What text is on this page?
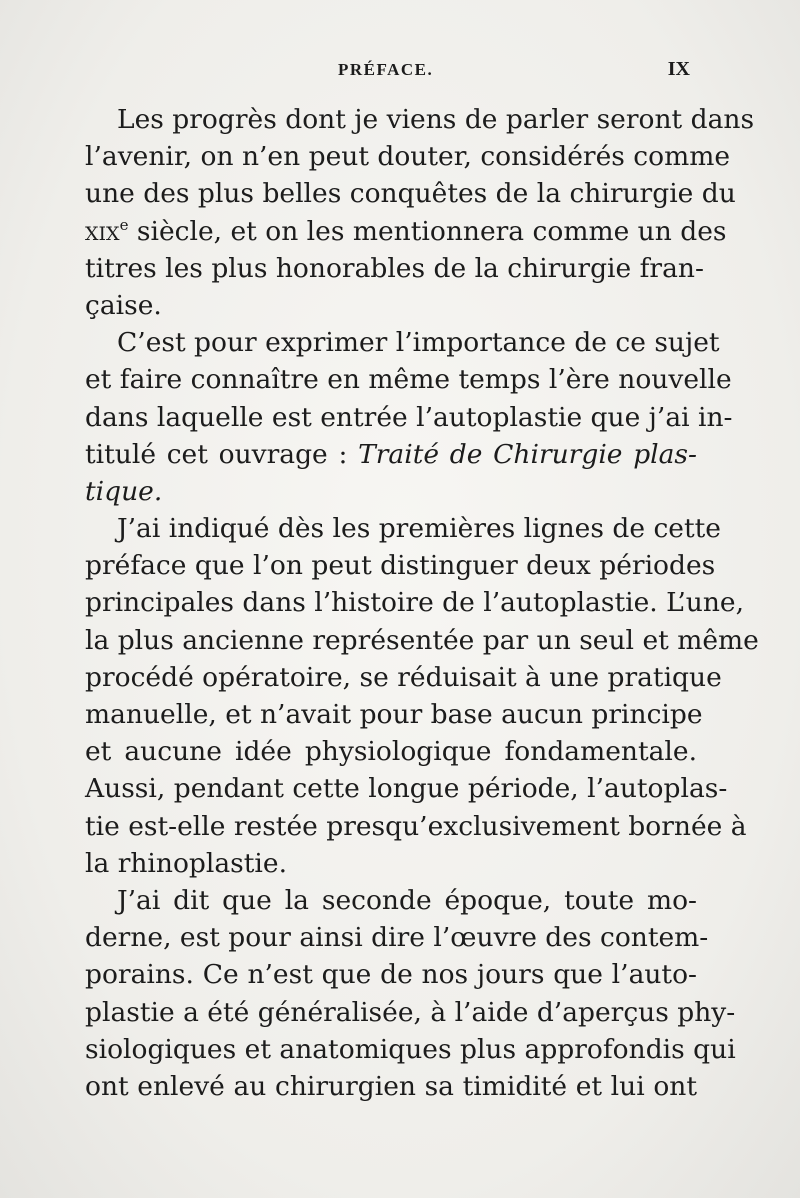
PRÉFACE.	IX
Les progrès dont je viens de parler seront dans
l’avenir, on n’en peut douter, considérés comme
une des plus belles conquêtes de la chirurgie du
xix$^e$ siècle, et on les mentionnera comme un des
titres les plus honorables de la chirurgie fran-
çaise.
C’est pour exprimer l’importance de ce sujet
et faire connaître en même temps l’ère nouvelle
dans laquelle est entrée l’autoplastie que j’ai in-
titulé cet ouvrage : Traité de Chirurgie plas-
tique.
J’ai indiqué dès les premières lignes de cette
préface que l’on peut distinguer deux périodes
principales dans l’histoire de l’autoplastie. L’une,
la plus ancienne représentée par un seul et même
procédé opératoire, se réduisait à une pratique
manuelle, et n’avait pour base aucun principe
et aucune idée physiologique fondamentale.
Aussi, pendant cette longue période, l’autoplas-
tie est-elle restée presqu’exclusivement bornée à
la rhinoplastie.
J’ai dit que la seconde époque, toute mo-
derne, est pour ainsi dire l’œuvre des contem-
porains. Ce n’est que de nos jours que l’auto-
plastie a été généralisée, à l’aide d’aperçus phy-
siologiques et anatomiques plus approfondis qui
ont enlevé au chirurgien sa timidité et lui ont
